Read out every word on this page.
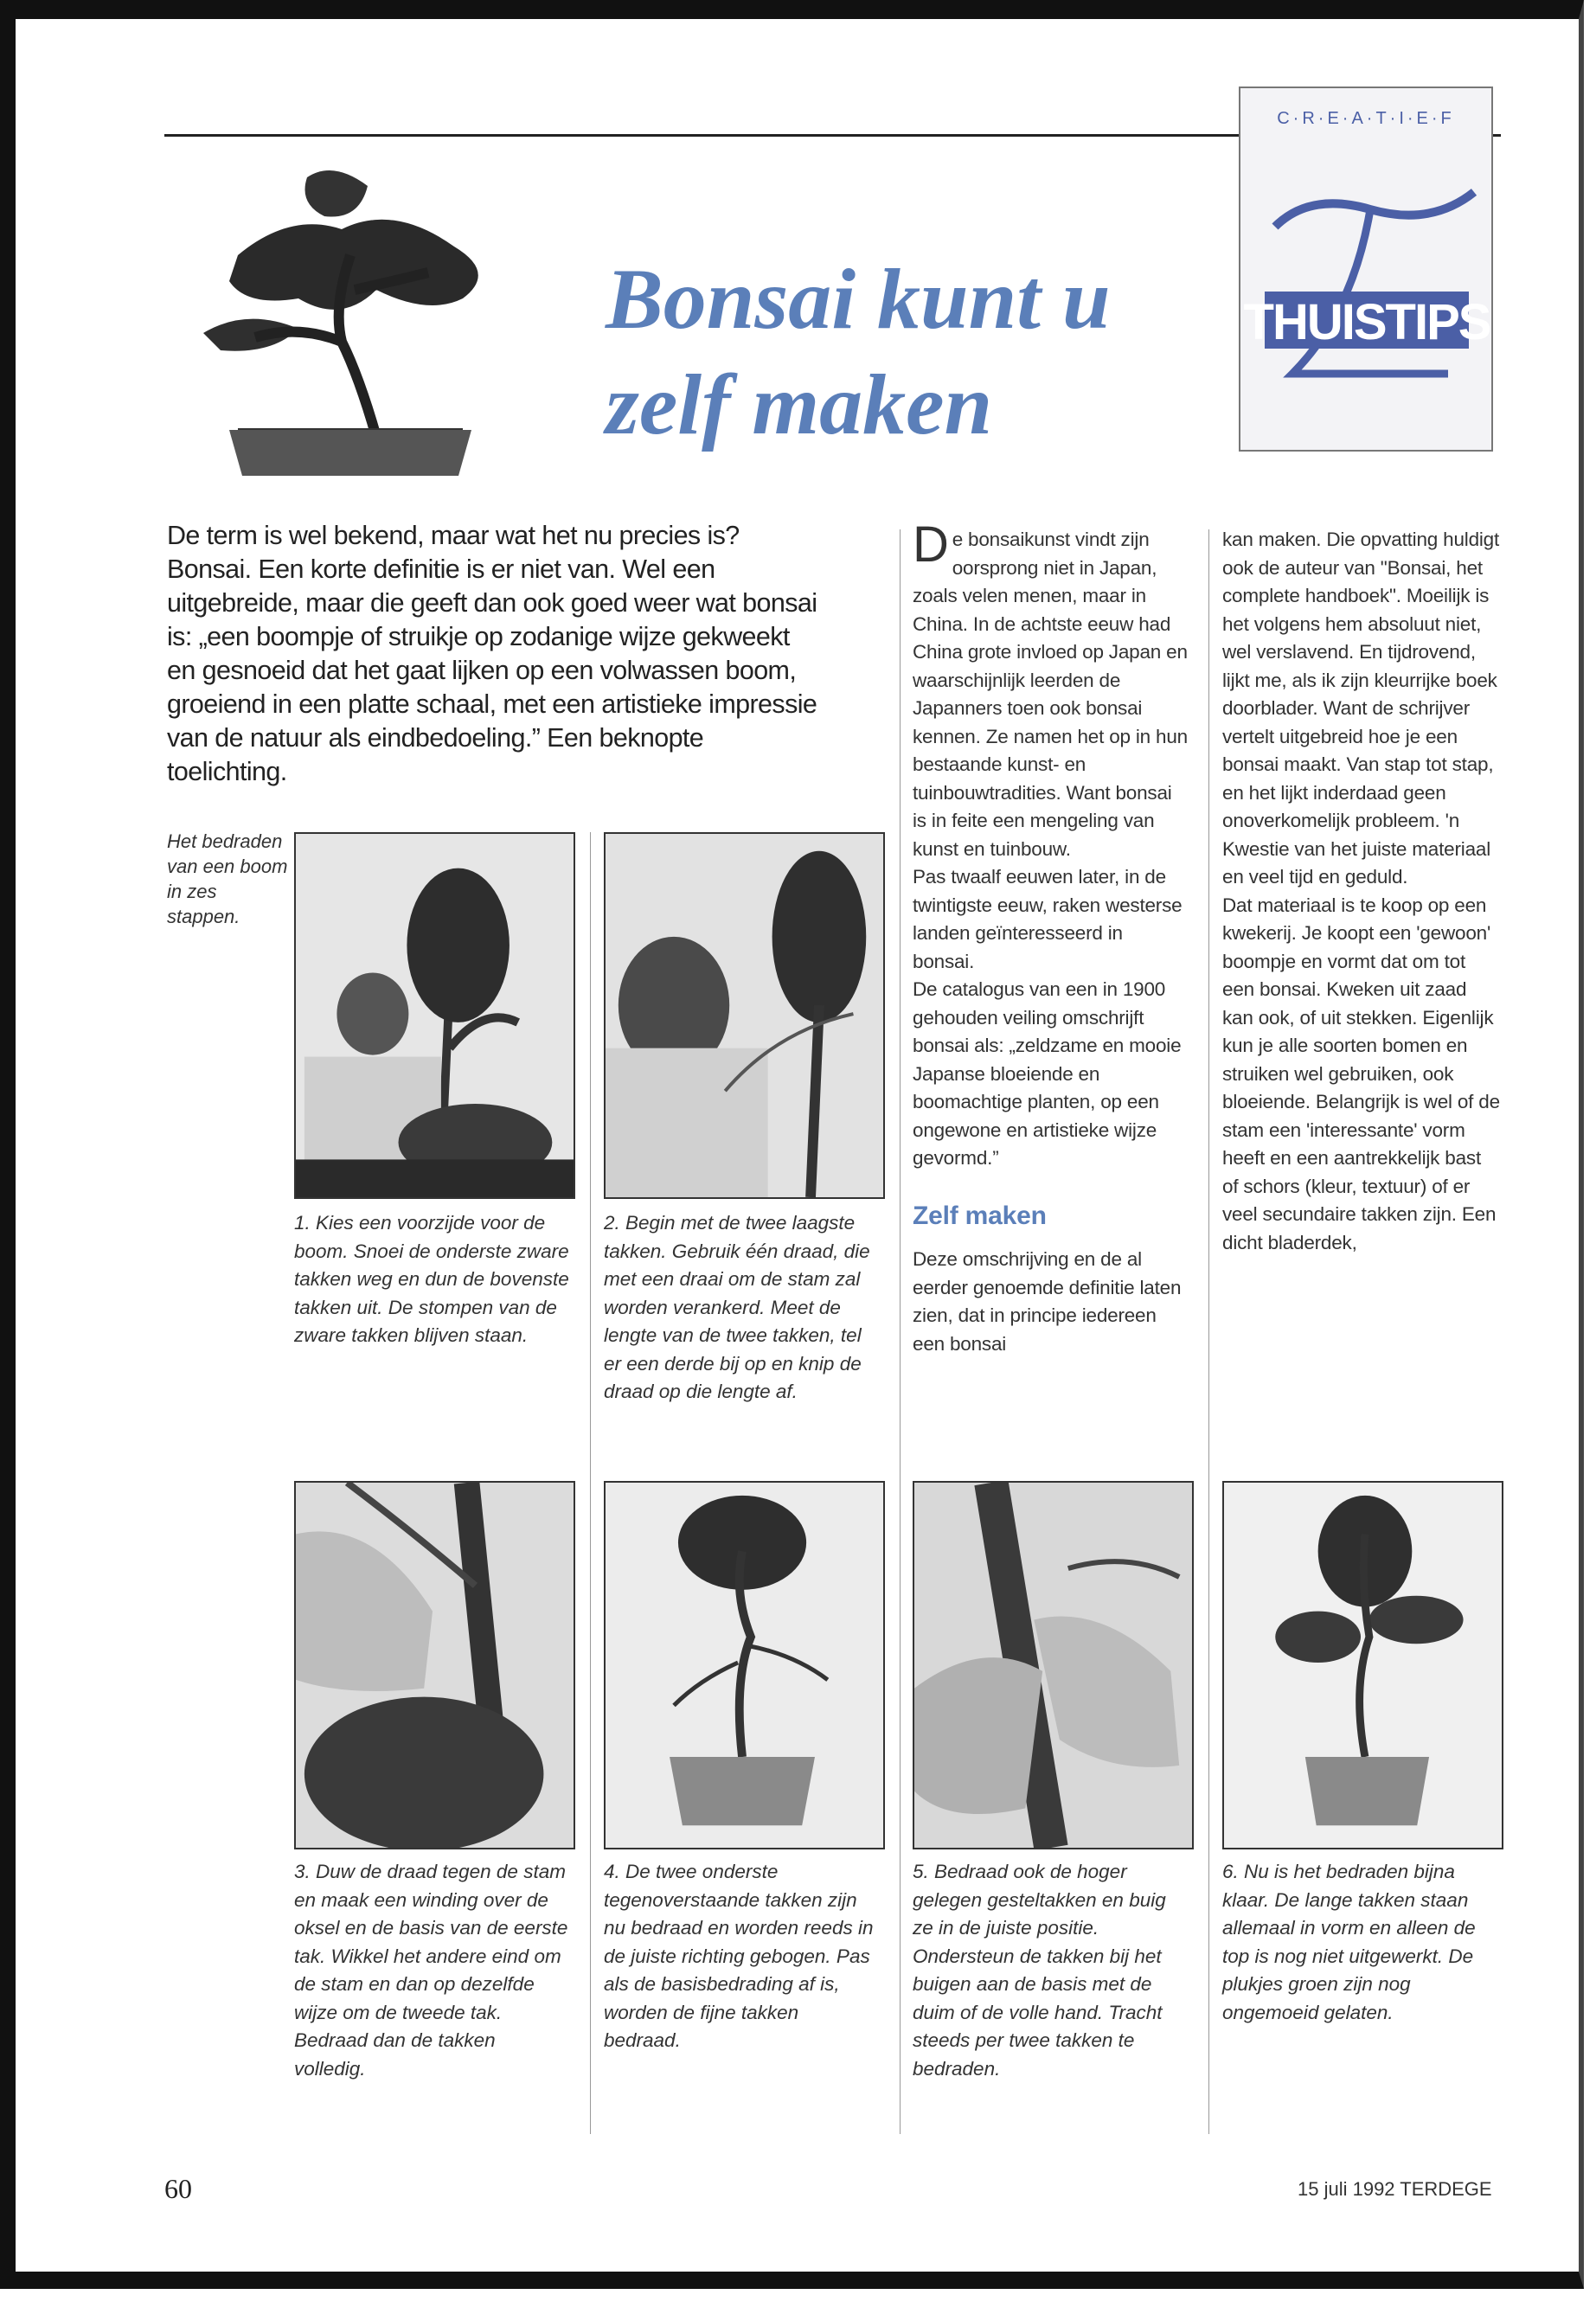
C·R·E·A·T·I·E·F
THUISTIPS
Bonsai kunt u
zelf maken
De term is wel bekend, maar wat het nu precies is? Bonsai. Een korte definitie is er niet van. Wel een uitgebreide, maar die geeft dan ook goed weer wat bonsai is: „een boompje of struikje op zodanige wijze gekweekt en gesnoeid dat het gaat lijken op een volwassen boom, groeiend in een platte schaal, met een artistieke impressie van de natuur als eindbedoeling.” Een beknopte toelichting.
Het bedraden van een boom in zes stappen.
1. Kies een voorzijde voor de boom. Snoei de onderste zware takken weg en dun de bovenste takken uit. De stompen van de zware takken blijven staan.
2. Begin met de twee laagste takken. Gebruik één draad, die met een draai om de stam zal worden verankerd. Meet de lengte van de twee takken, tel er een derde bij op en knip de draad op die lengte af.

De bonsaikunst vindt zijn oorsprong niet in Japan, zoals velen menen, maar in China. In de achtste eeuw had China grote invloed op Japan en waarschijnlijk leerden de Japanners toen ook bonsai kennen. Ze namen het op in hun bestaande kunst- en tuinbouwtradities. Want bonsai is in feite een mengeling van kunst en tuinbouw.

Pas twaalf eeuwen later, in de twintigste eeuw, raken westerse landen geïnteresseerd in bonsai.

De catalogus van een in 1900 gehouden veiling omschrijft bonsai als: „zeldzame en mooie Japanse bloeiende en boomachtige planten, op een ongewone en artistieke wijze gevormd.”

Zelf maken

Deze omschrijving en de al eerder genoemde definitie laten zien, dat in principe iedereen een bonsai

kan maken. Die opvatting huldigt ook de auteur van "Bonsai, het complete handboek". Moeilijk is het volgens hem absoluut niet, wel verslavend. En tijdrovend, lijkt me, als ik zijn kleurrijke boek doorblader. Want de schrijver vertelt uitgebreid hoe je een bonsai maakt. Van stap tot stap, en het lijkt inderdaad geen onoverkomelijk probleem. 'n Kwestie van het juiste materiaal en veel tijd en geduld.

Dat materiaal is te koop op een kwekerij. Je koopt een 'gewoon' boompje en vormt dat om tot een bonsai. Kweken uit zaad kan ook, of uit stekken. Eigenlijk kun je alle soorten bomen en struiken wel gebruiken, ook bloeiende. Belangrijk is wel of de stam een 'interessante' vorm heeft en een aantrekkelijk bast of schors (kleur, textuur) of er veel secundaire takken zijn. Een dicht bladerdek,

3. Duw de draad tegen de stam en maak een winding over de oksel en de basis van de eerste tak. Wikkel het andere eind om de stam en dan op dezelfde wijze om de tweede tak. Bedraad dan de takken volledig.
4. De twee onderste tegenoverstaande takken zijn nu bedraad en worden reeds in de juiste richting gebogen. Pas als de basisbedrading af is, worden de fijne takken bedraad.
5. Bedraad ook de hoger gelegen gesteltakken en buig ze in de juiste positie. Ondersteun de takken bij het buigen aan de basis met de duim of de volle hand. Tracht steeds per twee takken te bedraden.
6. Nu is het bedraden bijna klaar. De lange takken staan allemaal in vorm en alleen de top is nog niet uitgewerkt. De plukjes groen zijn nog ongemoeid gelaten.
60	15 juli 1992 TERDEGE
